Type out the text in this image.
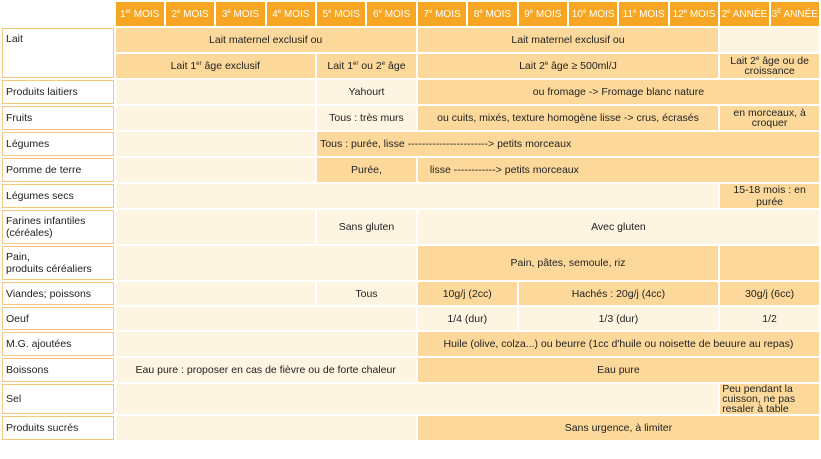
	1er MOIS	2e MOIS	3e MOIS	4e MOIS	5e MOIS	6e MOIS	7e MOIS	8e MOIS	9e MOIS	10e MOIS	11e MOIS	12e MOIS	2e ANNÉE	$3^E$ ANNÉE
Lait	Lait maternel exclusif ou						Lait maternel exclusif ou							
	Lait 1er âge exclusif				Lait 1er ou 2e âge		Lait 2e âge ≥ 500ml/J						Lait 2e âge ou de croissance	
Produits laitiers					Yahourt		ou fromage -> Fromage blanc nature							
Fruits					Tous : très murs		ou cuits, mixés, texture homogène lisse -> crus, écrasés						en morceaux, à croquer	
Légumes					Tous : purée, lisse -----------------------> petits morceaux									
Pomme de terre					Purée,		lisse ------------> petits morceaux							
Légumes secs													15-18 mois : en purée	
Farines infantiles (céréales)					Sans gluten		Avec gluten							
Pain,
produits céréaliers							Pain, pâtes, semoule, riz							
Viandes; poissons					Tous		10g/j (2cc)		Hachés : 20g/j (4cc)				30g/j (6cc)	
Oeuf							1/4 (dur)		1/3 (dur)				1/2	
M.G. ajoutées							Huile (olive, colza...) ou beurre (1cc d'huile ou noisette de beuure au repas)							
Boissons	Eau pure : proposer en cas de fièvre ou de forte chaleur						Eau pure							
Sel													Peu pendant la cuisson, ne pas resaler à table	
Produits sucrés							Sans urgence, à limiter							
